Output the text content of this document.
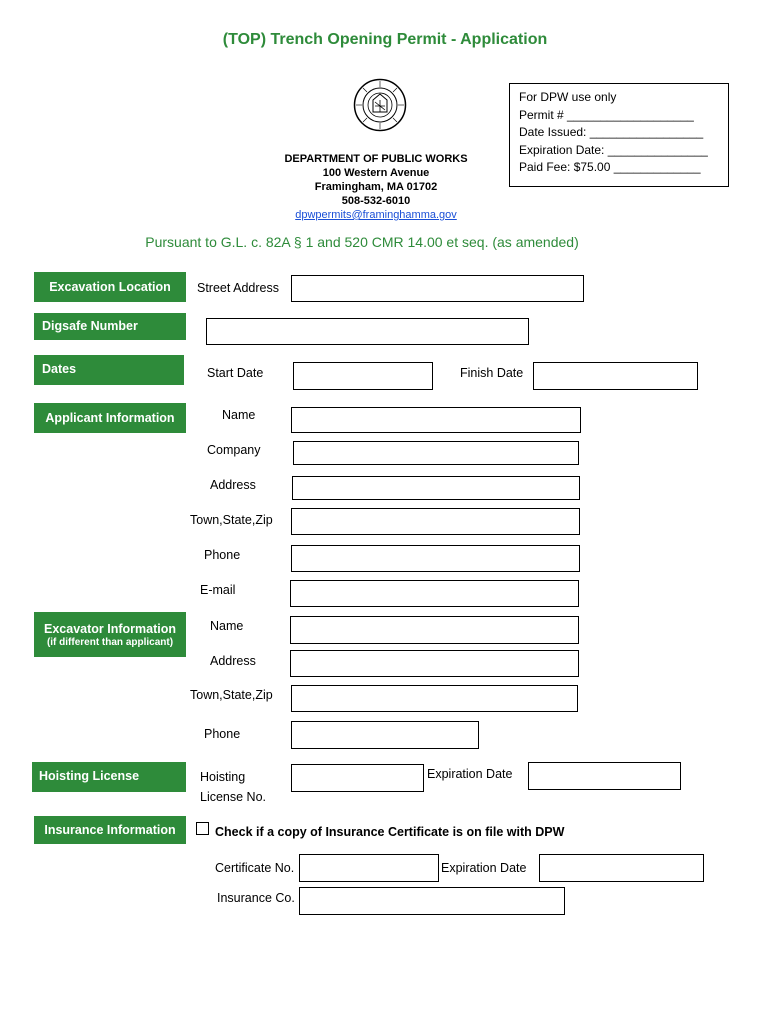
(TOP) Trench Opening Permit - Application
DEPARTMENT OF PUBLIC WORKS
100 Western Avenue
Framingham, MA 01702
508-532-6010
dpwpermits@framinghamma.gov
For DPW use only
Permit # ___________________
Date Issued: _________________
Expiration Date: _______________
Paid Fee: $75.00 _____________
Pursuant to G.L. c. 82A § 1 and 520 CMR 14.00 et seq. (as amended)
Excavation Location	Street Address
Digsafe Number
Dates	Start Date	Finish Date
Applicant Information	Name
Company
Address
Town,State,Zip
Phone
E-mail
Excavator Information
(if different than applicant)
Name
Address
Town,State,Zip
Phone
Hoisting License	Hoisting
License No.
Expiration Date
Insurance Information	Check if a copy of Insurance Certificate is on file with DPW
Certificate No.	Expiration Date
Insurance Co.
